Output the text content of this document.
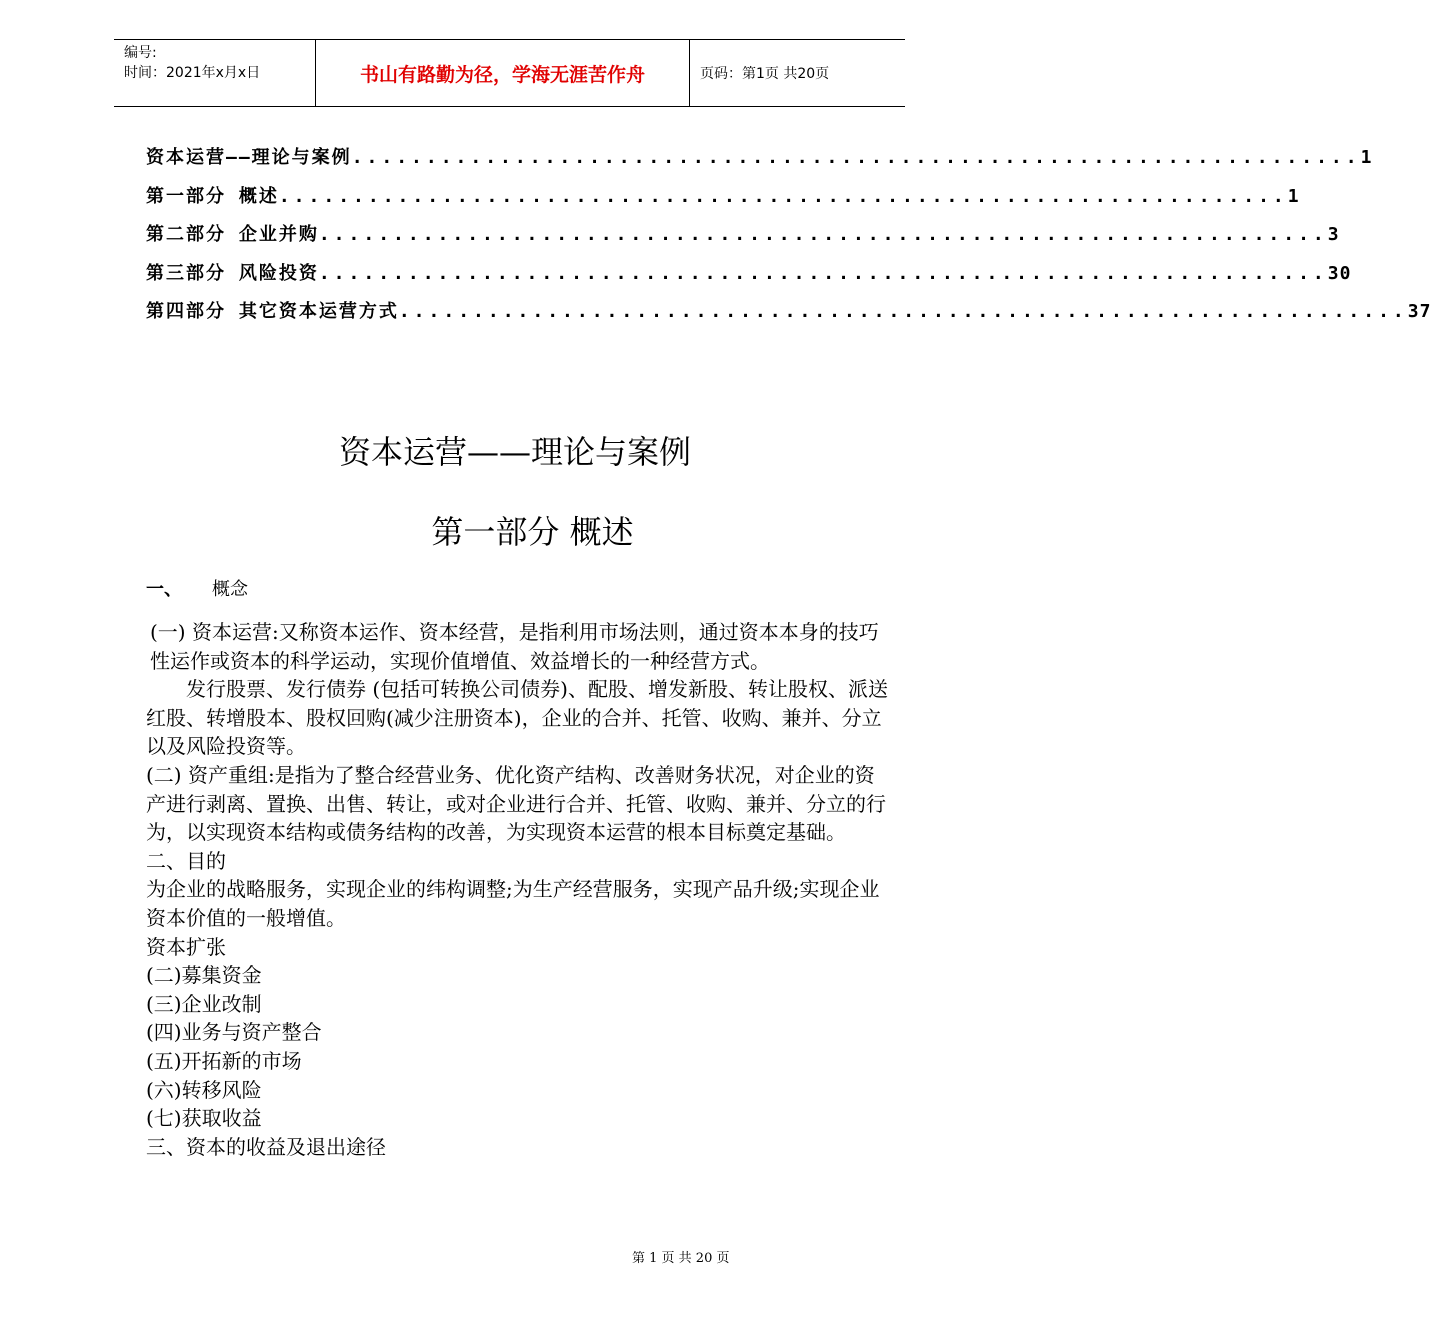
编号:
时间：2021年x月x日	书山有路勤为径，学海无涯苦作舟	页码：第1页 共20页
资本运营——理论与案例 .................................................................... 1
第一部分 概述 .................................................................... 1
第二部分 企业并购 .................................................................... 3
第三部分 风险投资 .................................................................... 30
第四部分 其它资本运营方式 .................................................................... 37
资本运营——理论与案例
第一部分 概述
一、 概念

(一) 资本运营:又称资本运作、资本经营，是指利用市场法则，通过资本本身的技巧性运作或资本的科学运动，实现价值增值、效益增长的一种经营方式。

发行股票、发行债券 (包括可转换公司债券)、配股、增发新股、转让股权、派送红股、转增股本、股权回购(减少注册资本)，企业的合并、托管、收购、兼并、分立以及风险投资等。

(二) 资产重组:是指为了整合经营业务、优化资产结构、改善财务状况，对企业的资产进行剥离、置换、出售、转让，或对企业进行合并、托管、收购、兼并、分立的行为，以实现资本结构或债务结构的改善，为实现资本运营的根本目标奠定基础。

二、目的

为企业的战略服务，实现企业的纬构调整;为生产经营服务，实现产品升级;实现企业资本价值的一般增值。

资本扩张

(二)募集资金

(三)企业改制

(四)业务与资产整合

(五)开拓新的市场

(六)转移风险

(七)获取收益

三、资本的收益及退出途径

第 1 页 共 20 页
